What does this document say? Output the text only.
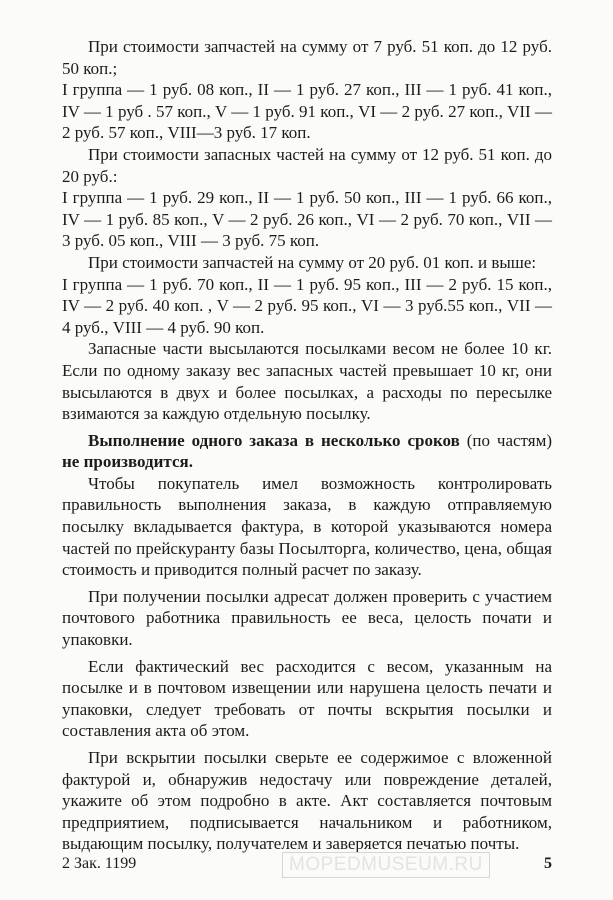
При стоимости запчастей на сумму от 7 руб. 51 коп. до 12 руб. 50 коп.;

I группа — 1 руб. 08 коп., II — 1 руб. 27 коп., III — 1 руб. 41 коп., IV — 1 руб . 57 коп., V — 1 руб. 91 коп., VI — 2 руб. 27 коп., VII — 2 руб. 57 коп., VIII—3 руб. 17 коп.

При стоимости запасных частей на сумму от 12 руб. 51 коп. до 20 руб.:

I группа — 1 руб. 29 коп., II — 1 руб. 50 коп., III — 1 руб. 66 коп., IV — 1 руб. 85 коп., V — 2 руб. 26 коп., VI — 2 руб. 70 коп., VII — 3 руб. 05 коп., VIII — 3 руб. 75 коп.

При стоимости запчастей на сумму от 20 руб. 01 коп. и выше:

I группа — 1 руб. 70 коп., II — 1 руб. 95 коп., III — 2 руб. 15 коп., IV — 2 руб. 40 коп. , V — 2 руб. 95 коп., VI — 3 руб.55 коп., VII — 4 руб., VIII — 4 руб. 90 коп.

Запасные части высылаются посылками весом не более 10 кг. Если по одному заказу вес запасных частей превышает 10 кг, они высылаются в двух и более посылках, а расходы по пересылке взимаются за каждую отдельную посылку.

Выполнение одного заказа в несколько сроков (по частям) не производится.

Чтобы покупатель имел возможность контролировать правильность выполнения заказа, в каждую отправляемую посылку вкладывается фактура, в которой указываются номера частей по прейскуранту базы Посылторга, количество, цена, общая стоимость и приводится полный расчет по заказу.

При получении посылки адресат должен проверить с участием почтового работника правильность ее веса, целость почати и упаковки.

Если фактический вес расходится с весом, указанным на посылке и в почтовом извещении или нарушена целость печати и упаковки, следует требовать от почты вскрытия посылки и составления акта об этом.

При вскрытии посылки сверьте ее содержимое с вложенной фактурой и, обнаружив недостачу или повреждение деталей, укажите об этом подробно в акте. Акт составляется почтовым предприятием, подписывается начальником и работником, выдающим посылку, получателем и заверяется печатью почты.

2 Зак. 1199	5
MOPEDMUSEUM.RU
